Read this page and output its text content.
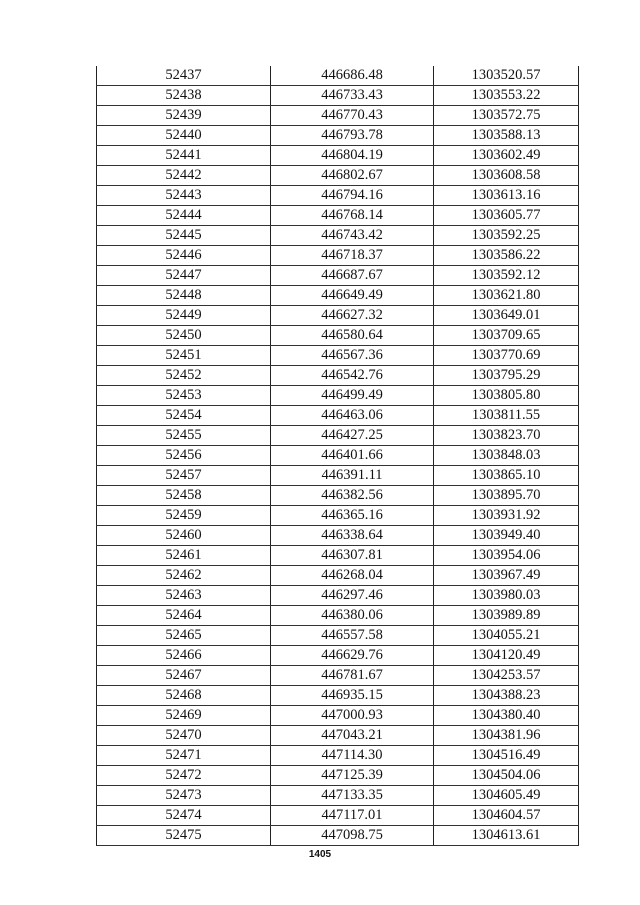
52437	446686.48	1303520.57
52438	446733.43	1303553.22
52439	446770.43	1303572.75
52440	446793.78	1303588.13
52441	446804.19	1303602.49
52442	446802.67	1303608.58
52443	446794.16	1303613.16
52444	446768.14	1303605.77
52445	446743.42	1303592.25
52446	446718.37	1303586.22
52447	446687.67	1303592.12
52448	446649.49	1303621.80
52449	446627.32	1303649.01
52450	446580.64	1303709.65
52451	446567.36	1303770.69
52452	446542.76	1303795.29
52453	446499.49	1303805.80
52454	446463.06	1303811.55
52455	446427.25	1303823.70
52456	446401.66	1303848.03
52457	446391.11	1303865.10
52458	446382.56	1303895.70
52459	446365.16	1303931.92
52460	446338.64	1303949.40
52461	446307.81	1303954.06
52462	446268.04	1303967.49
52463	446297.46	1303980.03
52464	446380.06	1303989.89
52465	446557.58	1304055.21
52466	446629.76	1304120.49
52467	446781.67	1304253.57
52468	446935.15	1304388.23
52469	447000.93	1304380.40
52470	447043.21	1304381.96
52471	447114.30	1304516.49
52472	447125.39	1304504.06
52473	447133.35	1304605.49
52474	447117.01	1304604.57
52475	447098.75	1304613.61
1405
